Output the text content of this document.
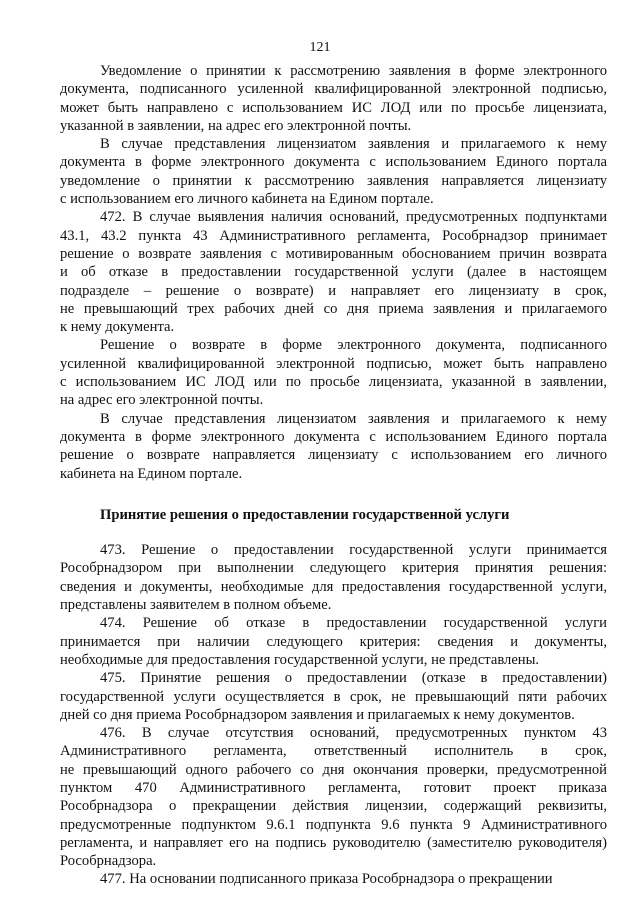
121

Уведомление о принятии к рассмотрению заявления в форме электронного

документа, подписанного усиленной квалифицированной электронной подписью,

может быть направлено с использованием ИС ЛОД или по просьбе лицензиата,

указанной в заявлении, на адрес его электронной почты.

В случае представления лицензиатом заявления и прилагаемого к нему

документа в форме электронного документа с использованием Единого портала

уведомление о принятии к рассмотрению заявления направляется лицензиату

с использованием его личного кабинета на Едином портале.

472. В случае выявления наличия оснований, предусмотренных подпунктами

43.1, 43.2 пункта 43 Административного регламента, Рособрнадзор принимает

решение о возврате заявления с мотивированным обоснованием причин возврата

и об отказе в предоставлении государственной услуги (далее в настоящем

подразделе – решение о возврате) и направляет его лицензиату в срок,

не превышающий трех рабочих дней со дня приема заявления и прилагаемого

к нему документа.

Решение о возврате в форме электронного документа, подписанного

усиленной квалифицированной электронной подписью, может быть направлено

с использованием ИС ЛОД или по просьбе лицензиата, указанной в заявлении,

на адрес его электронной почты.

В случае представления лицензиатом заявления и прилагаемого к нему

документа в форме электронного документа с использованием Единого портала

решение о возврате направляется лицензиату с использованием его личного

кабинета на Едином портале.

Принятие решения о предоставлении государственной услуги

473. Решение о предоставлении государственной услуги принимается

Рособрнадзором при выполнении следующего критерия принятия решения:

сведения и документы, необходимые для предоставления государственной услуги,

представлены заявителем в полном объеме.

474. Решение об отказе в предоставлении государственной услуги

принимается при наличии следующего критерия: сведения и документы,

необходимые для предоставления государственной услуги, не представлены.

475. Принятие решения о предоставлении (отказе в предоставлении)

государственной услуги осуществляется в срок, не превышающий пяти рабочих

дней со дня приема Рособрнадзором заявления и прилагаемых к нему документов.

476. В случае отсутствия оснований, предусмотренных пунктом 43

Административного регламента, ответственный исполнитель в срок,

не превышающий одного рабочего со дня окончания проверки, предусмотренной

пунктом 470 Административного регламента, готовит проект приказа

Рособрнадзора о прекращении действия лицензии, содержащий реквизиты,

предусмотренные подпунктом 9.6.1 подпункта 9.6 пункта 9 Административного

регламента, и направляет его на подпись руководителю (заместителю руководителя)

Рособрнадзора.

477. На основании подписанного приказа Рособрнадзора о прекращении
